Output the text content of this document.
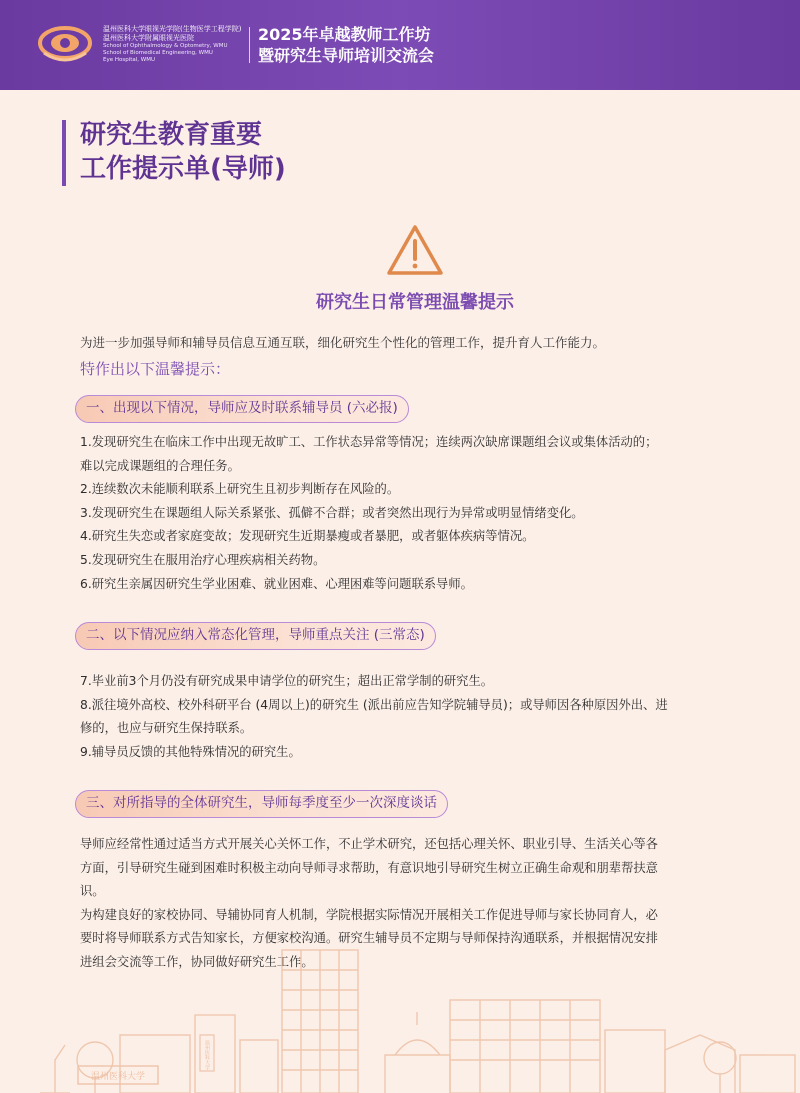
温州医科大学眼视光学院(生物医学工程学院)
温州医科大学附属眼视光医院
School of Ophthalmology & Optometry, WMU
School of Biomedical Engineering, WMU
Eye Hospital, WMU
2025年卓越教师工作坊
暨研究生导师培训交流会
研究生教育重要
工作提示单(导师)
研究生日常管理温馨提示
为进一步加强导师和辅导员信息互通互联，细化研究生个性化的管理工作，提升育人工作能力。
特作出以下温馨提示：
一、出现以下情况，导师应及时联系辅导员 (六必报)

1.发现研究生在临床工作中出现无故旷工、工作状态异常等情况；连续两次缺席课题组会议或集体活动的；

难以完成课题组的合理任务。

2.连续数次未能顺利联系上研究生且初步判断存在风险的。

3.发现研究生在课题组人际关系紧张、孤僻不合群；或者突然出现行为异常或明显情绪变化。

4.研究生失恋或者家庭变故；发现研究生近期暴瘦或者暴肥，或者躯体疾病等情况。

5.发现研究生在服用治疗心理疾病相关药物。

6.研究生亲属因研究生学业困难、就业困难、心理困难等问题联系导师。

二、以下情况应纳入常态化管理，导师重点关注 (三常态)

7.毕业前3个月仍没有研究成果申请学位的研究生；超出正常学制的研究生。

8.派往境外高校、校外科研平台 (4周以上)的研究生 (派出前应告知学院辅导员)；或导师因各种原因外出、进

修的，也应与研究生保持联系。

9.辅导员反馈的其他特殊情况的研究生。

三、对所指导的全体研究生，导师每季度至少一次深度谈话

导师应经常性通过适当方式开展关心关怀工作，不止学术研究，还包括心理关怀、职业引导、生活关心等各

方面，引导研究生碰到困难时积极主动向导师寻求帮助，有意识地引导研究生树立正确生命观和朋辈帮扶意

识。

为构建良好的家校协同、导辅协同育人机制，学院根据实际情况开展相关工作促进导师与家长协同育人，必

要时将导师联系方式告知家长，方便家校沟通。研究生辅导员不定期与导师保持沟通联系，并根据情况安排

进组会交流等工作，协同做好研究生工作。

温州医科大学
温州医科大学
